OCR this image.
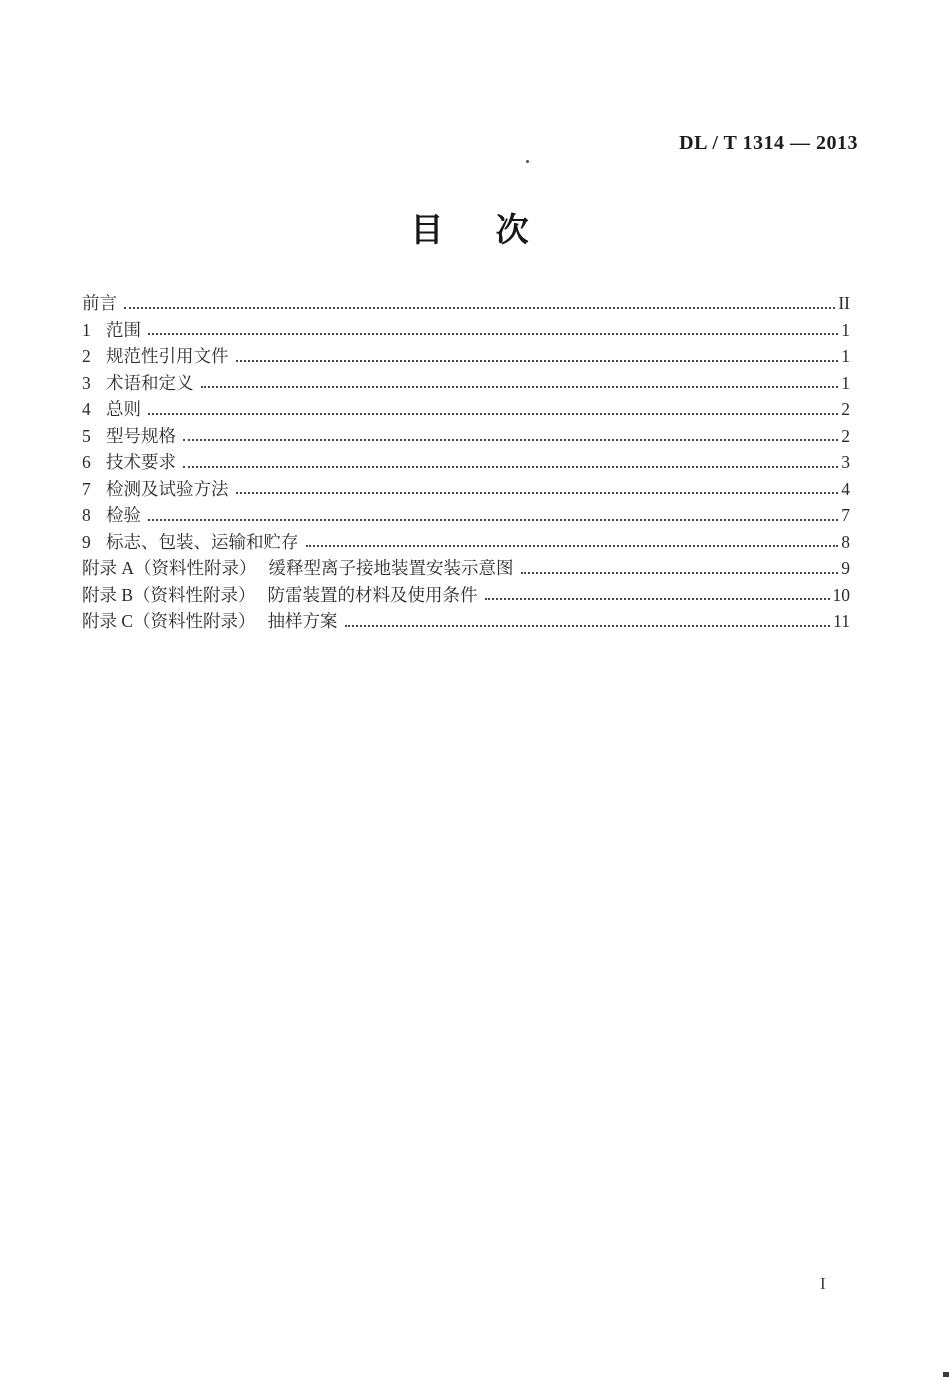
DL / T 1314 — 2013
目 次
前言	II
1 范围	1
2 规范性引用文件	1
3 术语和定义	1
4 总则	2
5 型号规格	2
6 技术要求	3
7 检测及试验方法	4
8 检验	7
9 标志、包装、运输和贮存	8
附录 A（资料性附录） 缓释型离子接地装置安装示意图	9
附录 B（资料性附录） 防雷装置的材料及使用条件	10
附录 C（资料性附录） 抽样方案	11
I
